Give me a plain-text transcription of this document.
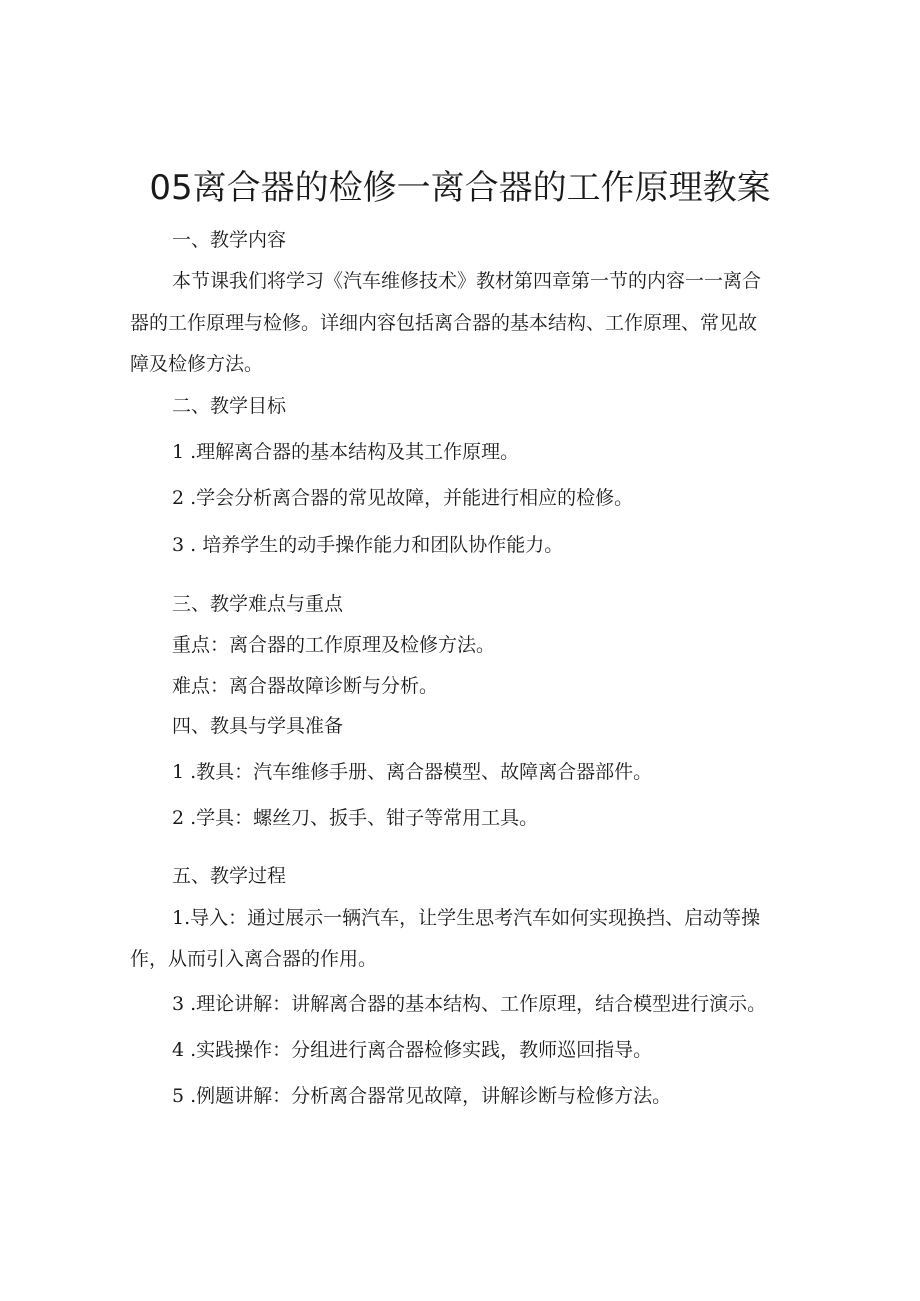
05离合器的检修一离合器的工作原理教案

一、教学内容

本节课我们将学习《汽车维修技术》教材第四章第一节的内容一一离合

器的工作原理与检修。详细内容包括离合器的基本结构、工作原理、常见故

障及检修方法。

二、教学目标

1 .理解离合器的基本结构及其工作原理。

2 .学会分析离合器的常见故障，并能进行相应的检修。

3 . 培养学生的动手操作能力和团队协作能力。

三、教学难点与重点

重点：离合器的工作原理及检修方法。

难点：离合器故障诊断与分析。

四、教具与学具准备

1 .教具：汽车维修手册、离合器模型、故障离合器部件。

2 .学具：螺丝刀、扳手、钳子等常用工具。

五、教学过程

1.导入：通过展示一辆汽车，让学生思考汽车如何实现换挡、启动等操

作，从而引入离合器的作用。

3 .理论讲解：讲解离合器的基本结构、工作原理，结合模型进行演示。

4 .实践操作：分组进行离合器检修实践，教师巡回指导。

5 .例题讲解：分析离合器常见故障，讲解诊断与检修方法。
